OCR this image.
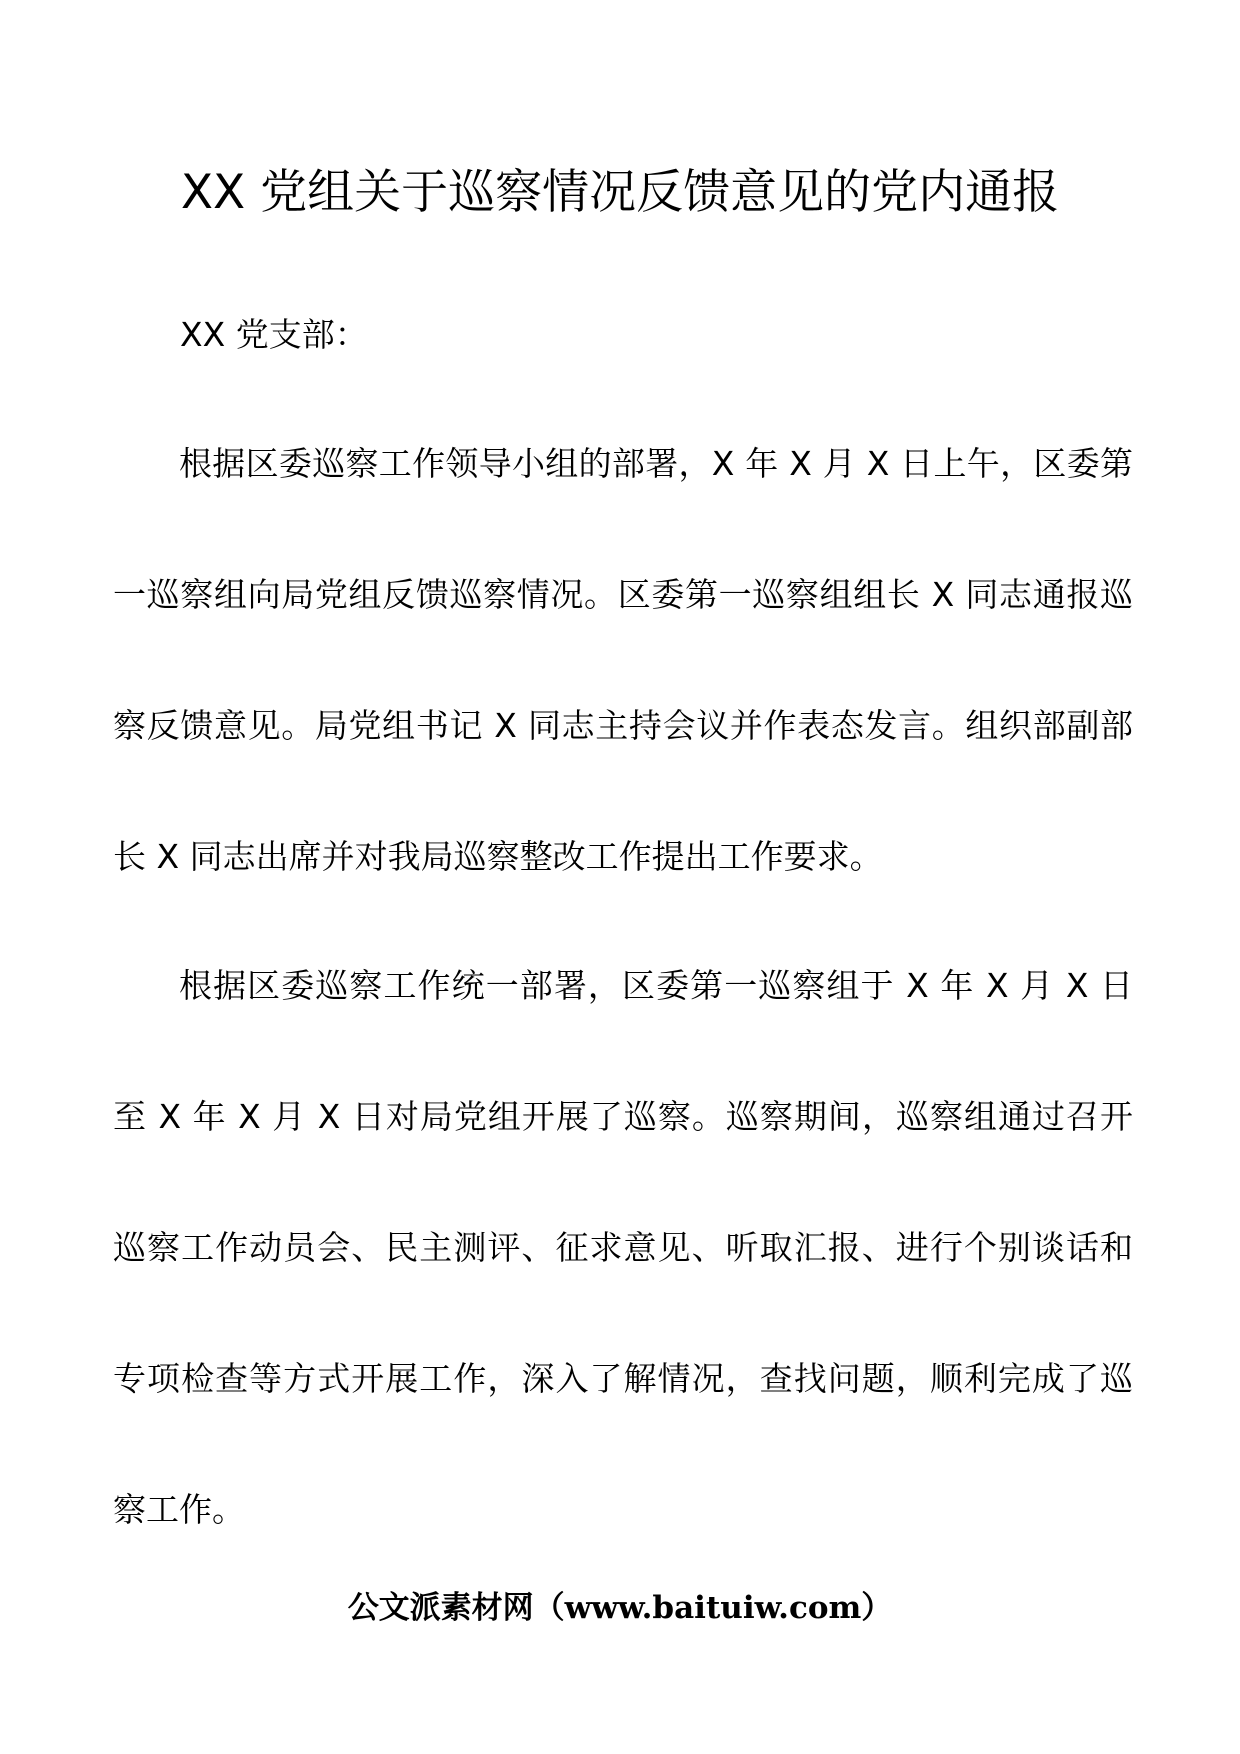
XX 党组关于巡察情况反馈意见的党内通报
XX 党支部：

根据区委巡察工作领导小组的部署，X 年 X 月 X 日上午，区委第一巡察组向局党组反馈巡察情况。区委第一巡察组组长 X 同志通报巡察反馈意见。局党组书记 X 同志主持会议并作表态发言。组织部副部长 X 同志出席并对我局巡察整改工作提出工作要求。

根据区委巡察工作统一部署，区委第一巡察组于 X 年 X 月 X 日至 X 年 X 月 X 日对局党组开展了巡察。巡察期间，巡察组通过召开巡察工作动员会、民主测评、征求意见、听取汇报、进行个别谈话和专项检查等方式开展工作，深入了解情况，查找问题，顺利完成了巡察工作。

公文派素材网（www.baituiw.com）
